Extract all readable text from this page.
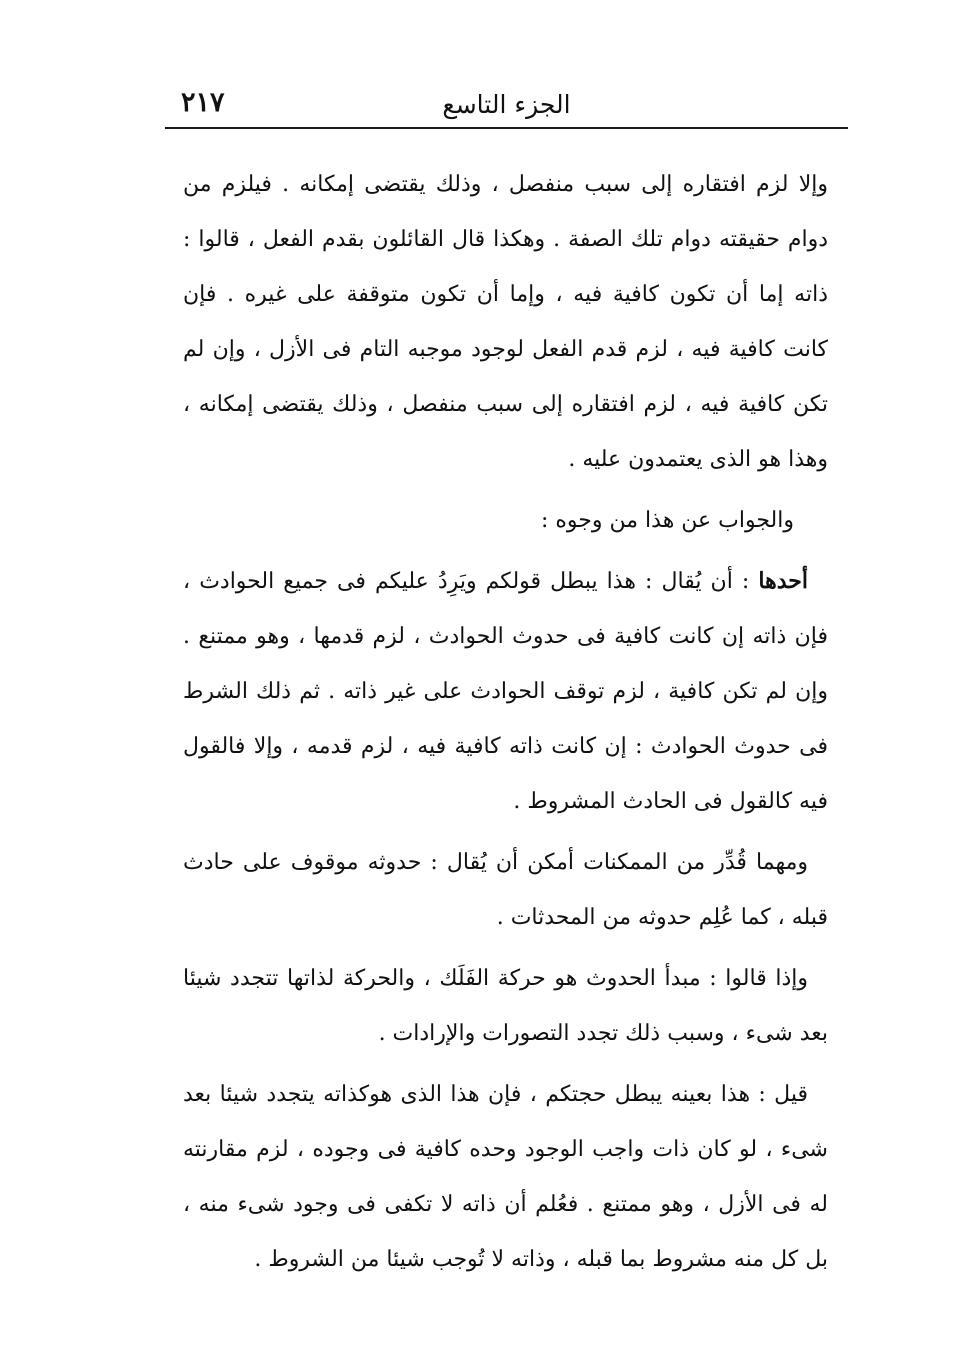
الجزء التاسع
٢١٧

وإلا لزم افتقاره إلى سبب منفصل ، وذلك يقتضى إمكانه . فيلزم من دوام حقيقته دوام تلك الصفة . وهكذا قال القائلون بقدم الفعل ، قالوا : ذاته إما أن تكون كافية فيه ، وإما أن تكون متوقفة على غيره . فإن كانت كافية فيه ، لزم قدم الفعل لوجود موجبه التام فى الأزل ، وإن لم تكن كافية فيه ، لزم افتقاره إلى سبب منفصل ، وذلك يقتضى إمكانه ، وهذا هو الذى يعتمدون عليه .

والجواب عن هذا من وجوه :

أحدها : أن يُقال : هذا يبطل قولكم ويَرِدُ عليكم فى جميع الحوادث ، فإن ذاته إن كانت كافية فى حدوث الحوادث ، لزم قدمها ، وهو ممتنع . وإن لم تكن كافية ، لزم توقف الحوادث على غير ذاته . ثم ذلك الشرط فى حدوث الحوادث : إن كانت ذاته كافية فيه ، لزم قدمه ، وإلا فالقول فيه كالقول فى الحادث المشروط .

ومهما قُدِّر من الممكنات أمكن أن يُقال : حدوثه موقوف على حادث قبله ، كما عُلِم حدوثه من المحدثات .

وإذا قالوا : مبدأ الحدوث هو حركة الفَلَك ، والحركة لذاتها تتجدد شيئا بعد شىء ، وسبب ذلك تجدد التصورات والإرادات .

قيل : هذا بعينه يبطل حجتكم ، فإن هذا الذى هوكذاته يتجدد شيئا بعد شىء ، لو كان ذات واجب الوجود وحده كافية فى وجوده ، لزم مقارنته له فى الأزل ، وهو ممتنع . فعُلم أن ذاته لا تكفى فى وجود شىء منه ، بل كل منه مشروط بما قبله ، وذاته لا تُوجب شيئا من الشروط .
